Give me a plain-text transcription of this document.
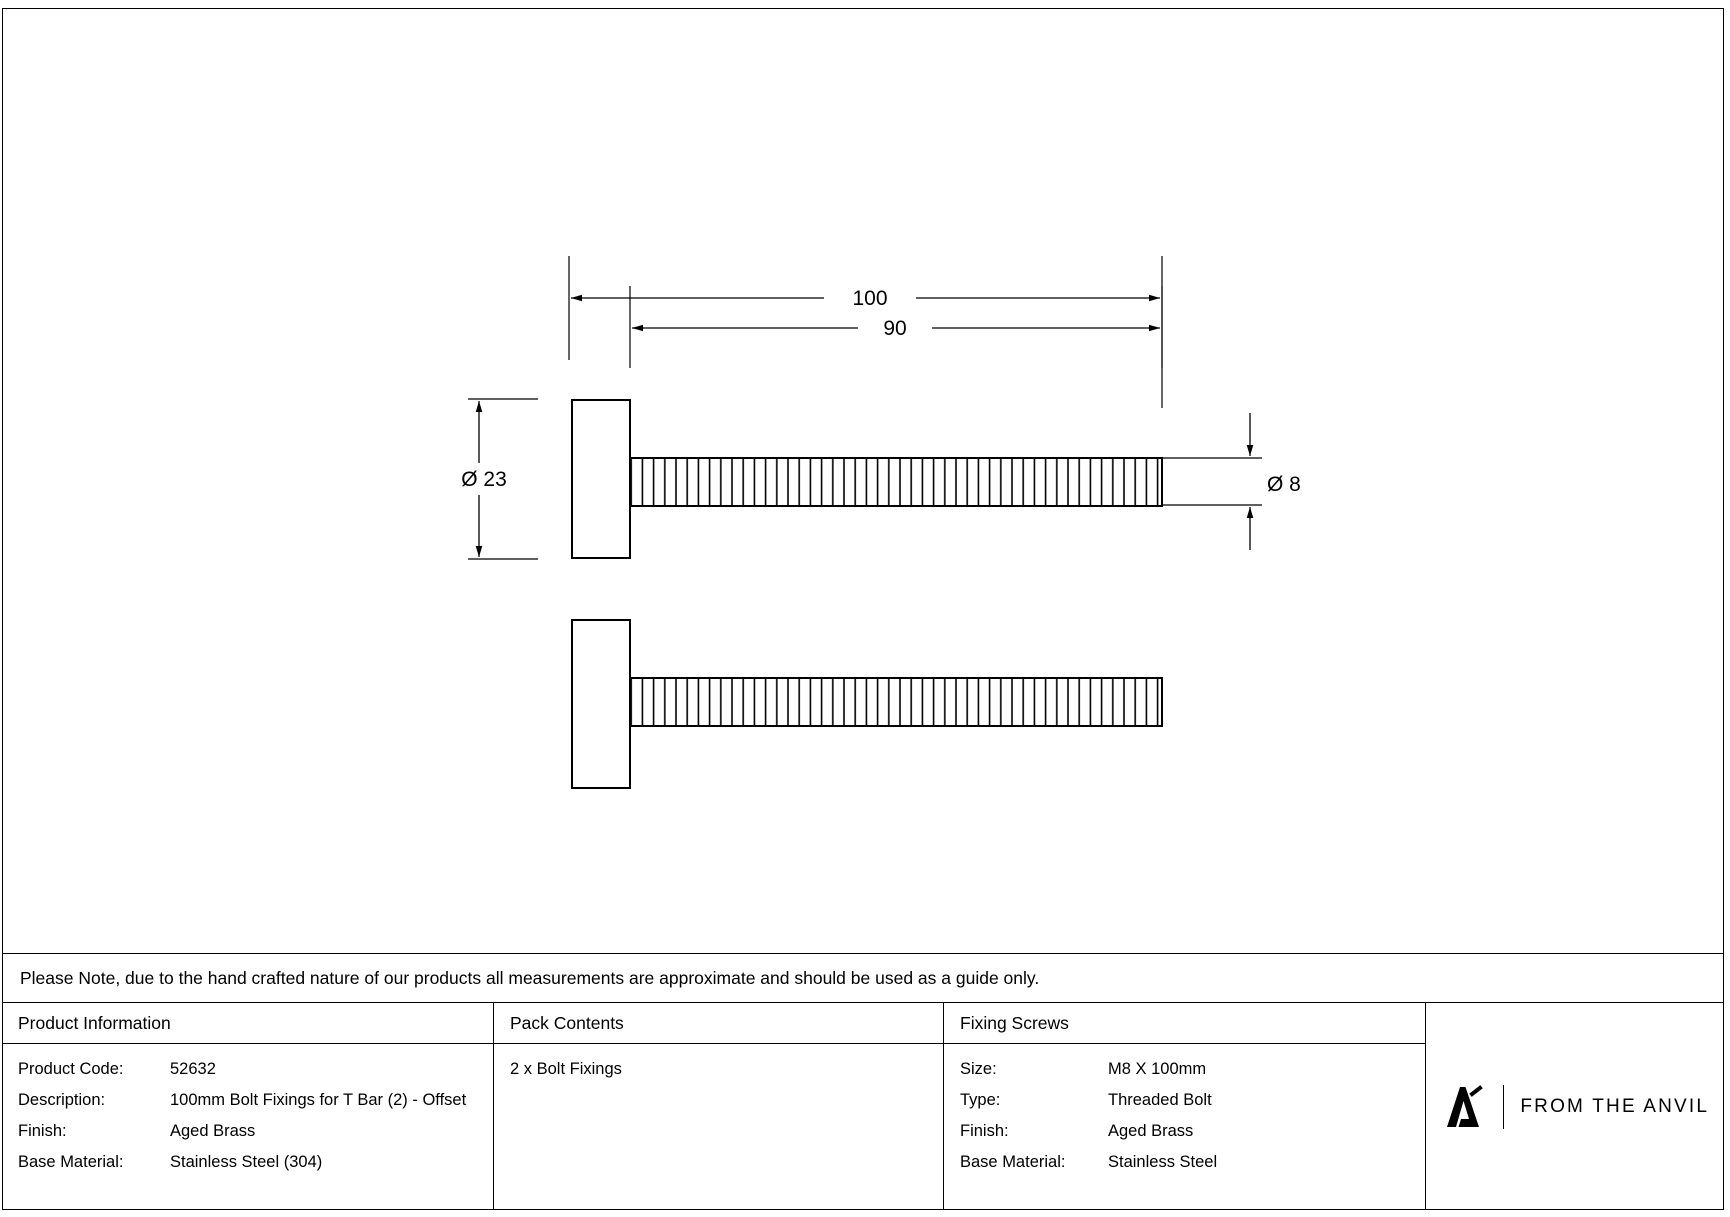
100
90
Ø 23	Ø 8
Please Note, due to the hand crafted nature of our products all measurements are approximate and should be used as a guide only.
Product Information
Product Code:	52632
Description:	100mm Bolt Fixings for T Bar (2) - Offset
Finish:	Aged Brass
Base Material:	Stainless Steel (304)
Pack Contents
2 x Bolt Fixings
Fixing Screws
Size:	M8 X 100mm
Type:	Threaded Bolt
Finish:	Aged Brass
Base Material:	Stainless Steel
FROM THE ANVIL
